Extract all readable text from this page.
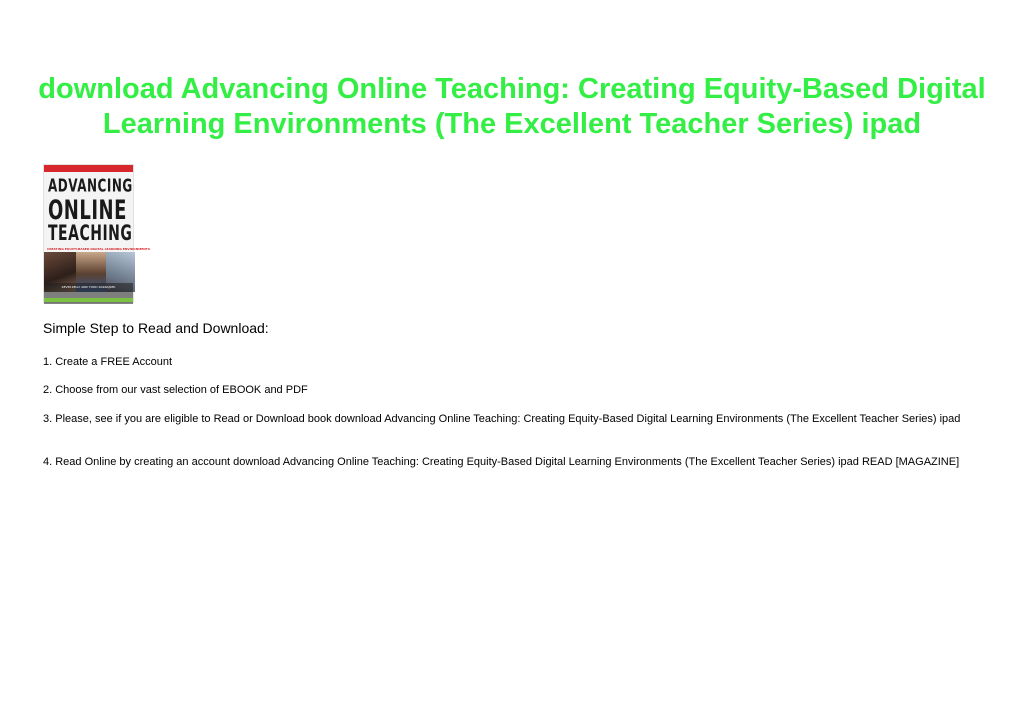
download Advancing Online Teaching: Creating Equity-Based Digital Learning Environments (The Excellent Teacher Series) ipad
ADVANCING
ONLINE
TEACHING
CREATING EQUITY-BASED DIGITAL LEARNING ENVIRONMENTS
KEVIN KELLY AND TODD ZAKRAJSEK

Simple Step to Read and Download:

1. Create a FREE Account

2. Choose from our vast selection of EBOOK and PDF

3. Please, see if you are eligible to Read or Download book download Advancing Online Teaching: Creating Equity-Based Digital Learning Environments (The Excellent Teacher Series) ipad

4. Read Online by creating an account download Advancing Online Teaching: Creating Equity-Based Digital Learning Environments (The Excellent Teacher Series) ipad READ [MAGAZINE]
